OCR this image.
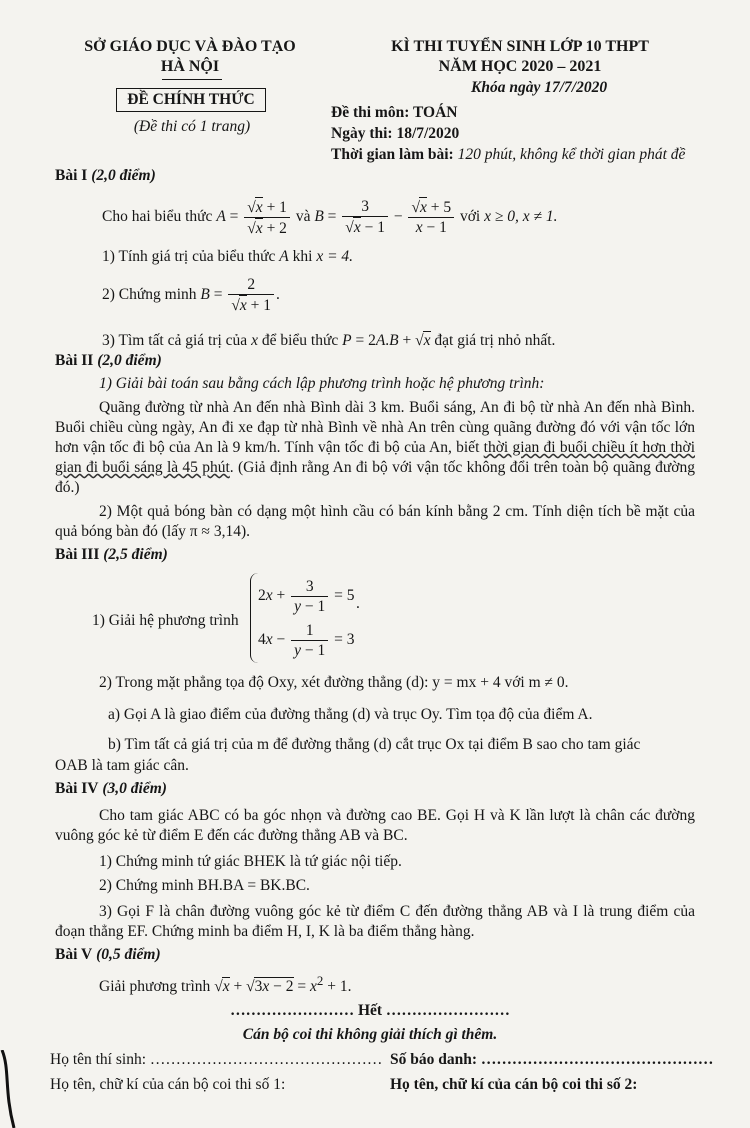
SỞ GIÁO DỤC VÀ ĐÀO TẠO
HÀ NỘI
ĐỀ CHÍNH THỨC
(Đề thi có 1 trang)
KÌ THI TUYỂN SINH LỚP 10 THPT
NĂM HỌC 2020 – 2021
Khóa ngày 17/7/2020
Đề thi môn: TOÁN
Ngày thi: 18/7/2020
Thời gian làm bài: 120 phút, không kể thời gian phát đề
Bài I (2,0 điểm)
Cho hai biểu thức $A = \frac{√x + 1}{√x + 2}$ và $B = \frac{3}{√x - 1} - \frac{√x + 5}{x - 1}$ với x ≥ 0, x ≠ 1.
1) Tính giá trị của biểu thức A khi x = 4.
2) Chứng minh $B = \frac{2}{√x + 1}$ .
3) Tìm tất cả giá trị của x để biểu thức P = 2A.B + √x đạt giá trị nhỏ nhất.
Bài II (2,0 điểm)
1) Giải bài toán sau bằng cách lập phương trình hoặc hệ phương trình:
Quãng đường từ nhà An đến nhà Bình dài 3 km. Buổi sáng, An đi bộ từ nhà An đến nhà Bình. Buổi chiều cùng ngày, An đi xe đạp từ nhà Bình về nhà An trên cùng quãng đường đó với vận tốc lớn hơn vận tốc đi bộ của An là 9 km/h. Tính vận tốc đi bộ của An, biết thời gian đi buổi chiều ít hơn thời gian đi buổi sáng là 45 phút. (Giả định rằng An đi bộ với vận tốc không đổi trên toàn bộ quãng đường đó.)
2) Một quả bóng bàn có dạng một hình cầu có bán kính bằng 2 cm. Tính diện tích bề mặt của quả bóng bàn đó (lấy π ≈ 3,14).
Bài III (2,5 điểm)
1) Giải hệ phương trình
$2x + \frac{3}{y - 1} = 5$ .
$4x - \frac{1}{y - 1} = 3$
2) Trong mặt phẳng tọa độ Oxy, xét đường thẳng (d): y = mx + 4 với m ≠ 0.
a) Gọi A là giao điểm của đường thẳng (d) và trục Oy. Tìm tọa độ của điểm A.
b) Tìm tất cả giá trị của m để đường thẳng (d) cắt trục Ox tại điểm B sao cho tam giác
OAB là tam giác cân.
Bài IV (3,0 điểm)
Cho tam giác ABC có ba góc nhọn và đường cao BE. Gọi H và K lần lượt là chân các đường vuông góc kẻ từ điểm E đến các đường thẳng AB và BC.
1) Chứng minh tứ giác BHEK là tứ giác nội tiếp.
2) Chứng minh BH.BA = BK.BC.
3) Gọi F là chân đường vuông góc kẻ từ điểm C đến đường thẳng AB và I là trung điểm của đoạn thẳng EF. Chứng minh ba điểm H, I, K là ba điểm thẳng hàng.
Bài V (0,5 điểm)
Giải phương trình $√x + √3x - 2 = x^2 + 1$.
…………………… Hết ……………………
Cán bộ coi thi không giải thích gì thêm.
Họ tên thí sinh: ……………………………………… Số báo danh: ………………………………………
Họ tên, chữ kí của cán bộ coi thi số 1:	Họ tên, chữ kí của cán bộ coi thi số 2:
